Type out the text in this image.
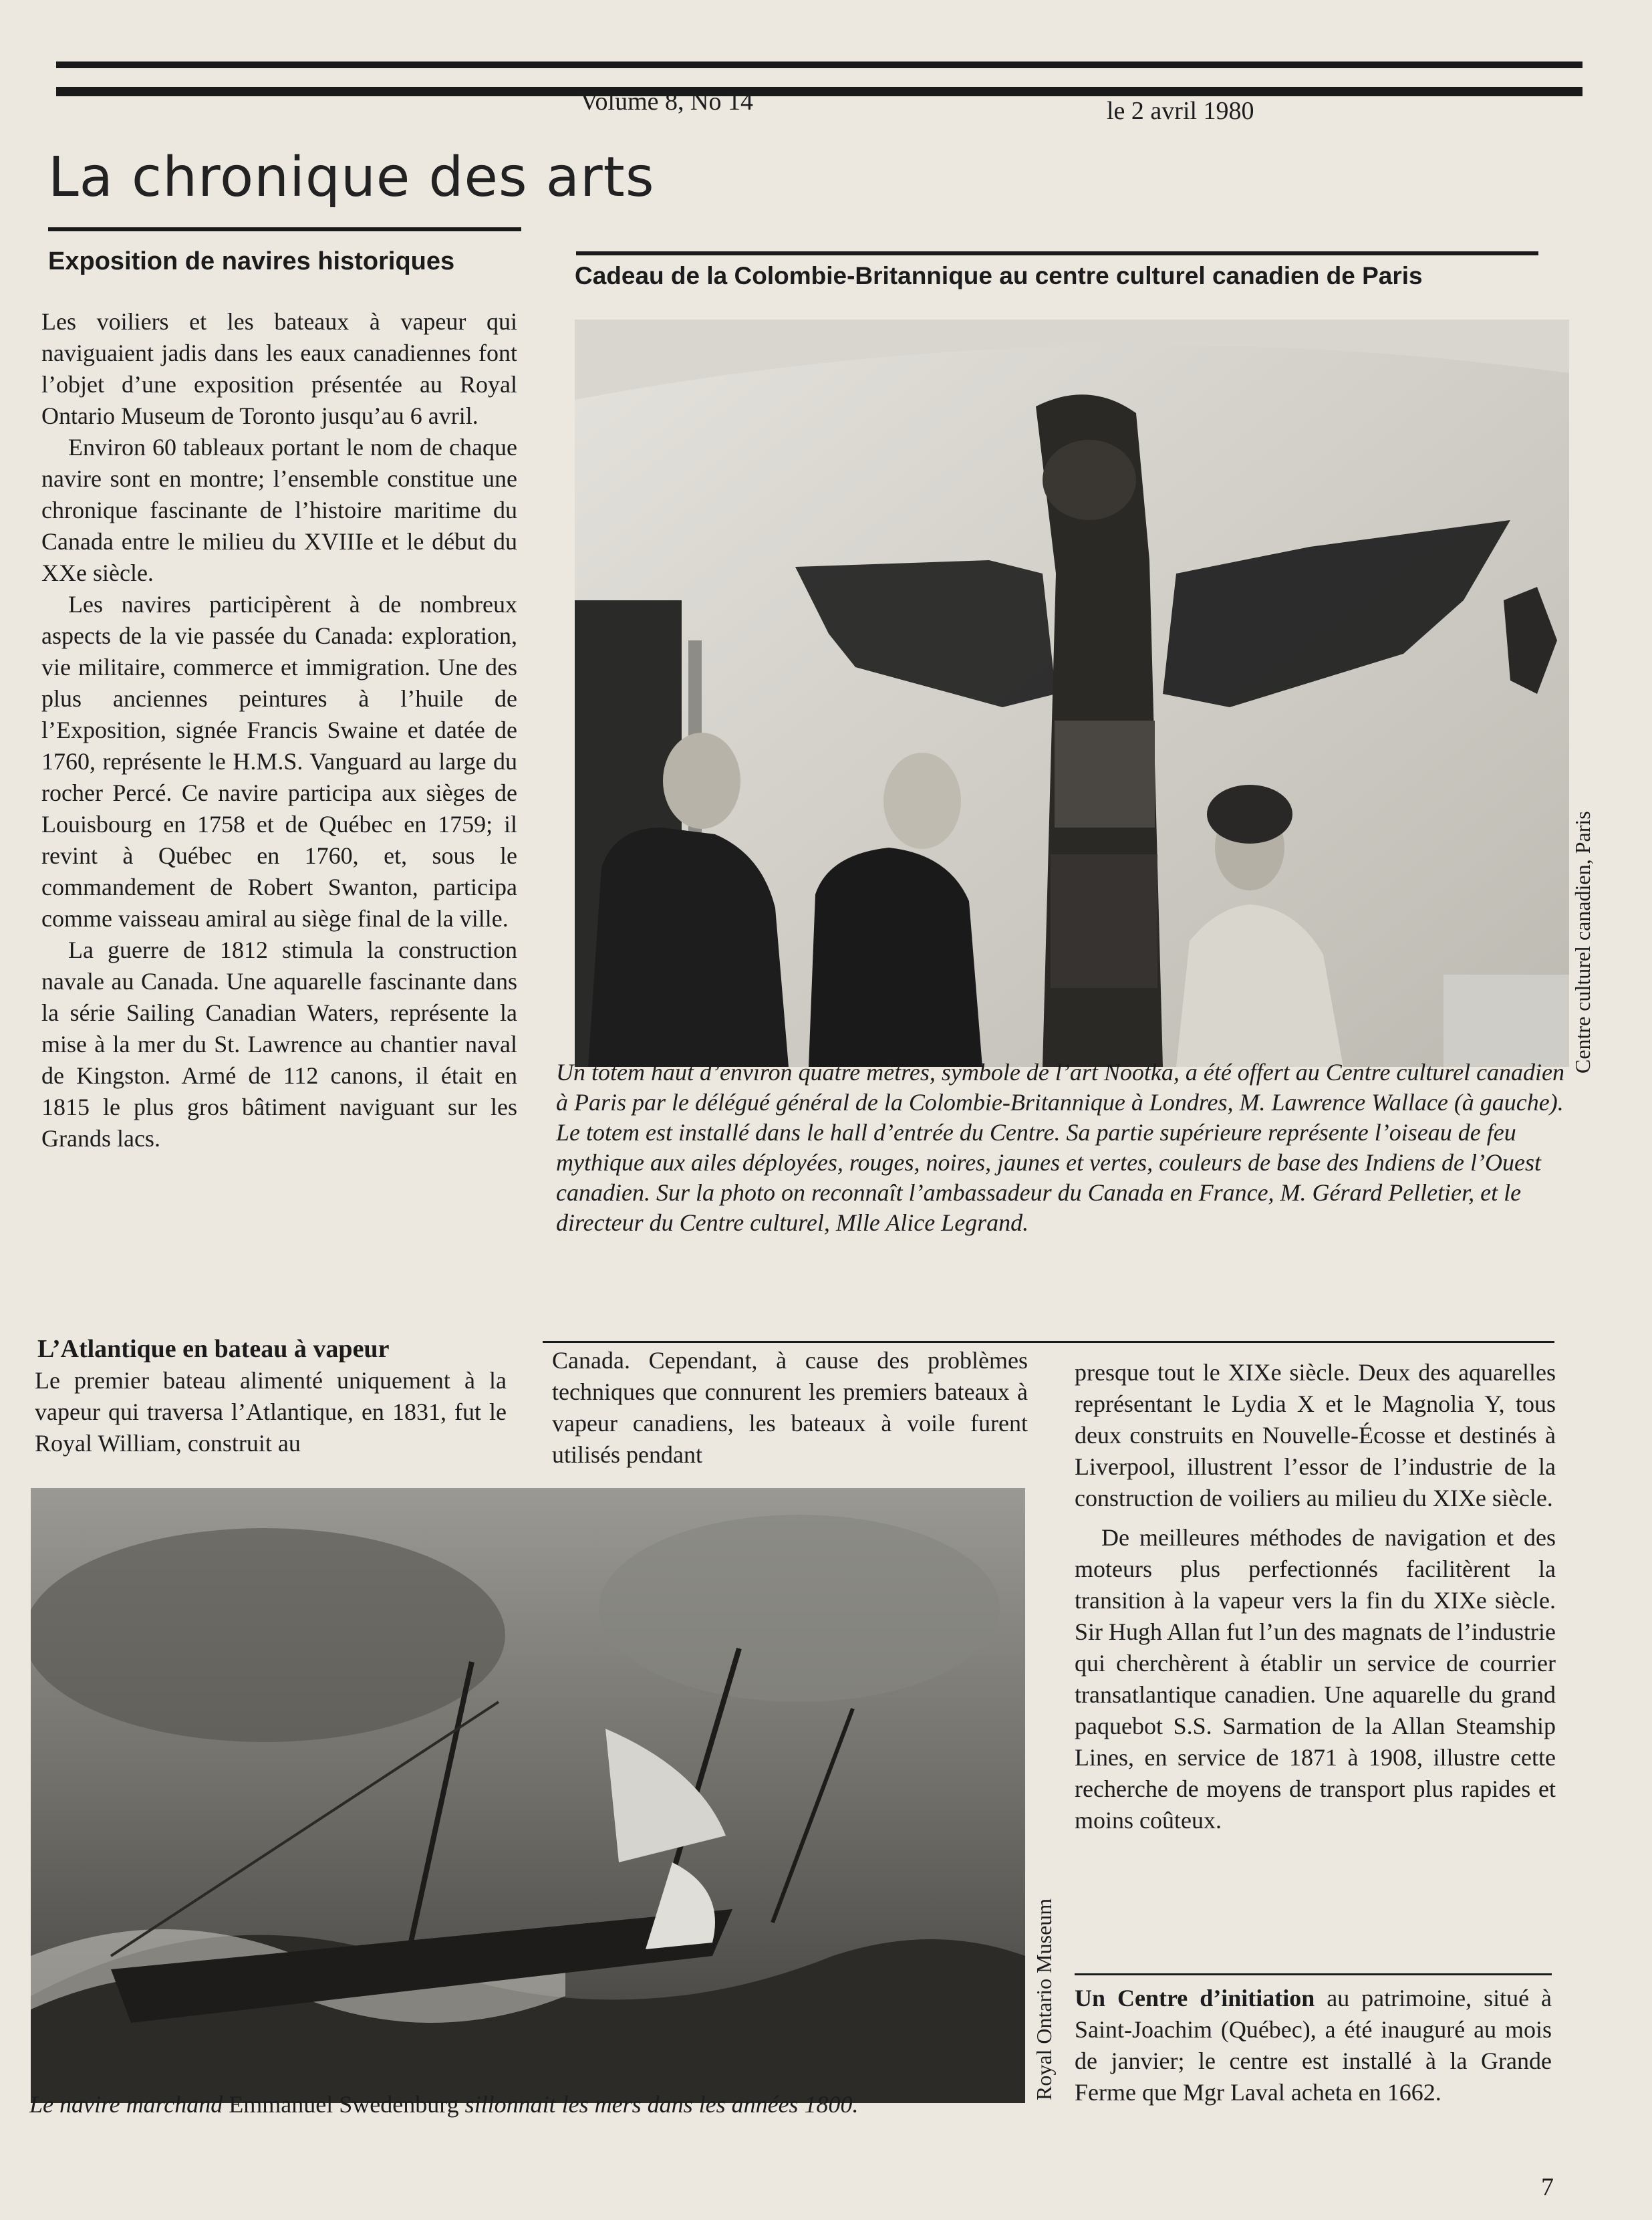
Volume 8, No 14	le 2 avril 1980
La chronique des arts
Exposition de navires historiques

Les voiliers et les bateaux à vapeur qui naviguaient jadis dans les eaux canadiennes font l’objet d’une exposition présentée au Royal Ontario Museum de Toronto jusqu’au 6 avril.

Environ 60 tableaux portant le nom de chaque navire sont en montre; l’ensemble constitue une chronique fascinante de l’histoire maritime du Canada entre le milieu du XVIIIe et le début du XXe siècle.

Les navires participèrent à de nombreux aspects de la vie passée du Canada: exploration, vie militaire, commerce et immigration. Une des plus anciennes peintures à l’huile de l’Exposition, signée Francis Swaine et datée de 1760, représente le H.M.S. Vanguard au large du rocher Percé. Ce navire participa aux sièges de Louisbourg en 1758 et de Québec en 1759; il revint à Québec en 1760, et, sous le commandement de Robert Swanton, participa comme vaisseau amiral au siège final de la ville.

La guerre de 1812 stimula la construction navale au Canada. Une aquarelle fascinante dans la série Sailing Canadian Waters, représente la mise à la mer du St. Lawrence au chantier naval de Kingston. Armé de 112 canons, il était en 1815 le plus gros bâtiment naviguant sur les Grands lacs.

Cadeau de la Colombie-Britannique au centre culturel canadien de Paris
Centre culturel canadien, Paris
Un totem haut d’environ quatre mètres, symbole de l’art Nootka, a été offert au Centre culturel canadien à Paris par le délégué général de la Colombie-Britannique à Londres, M. Lawrence Wallace (à gauche). Le totem est installé dans le hall d’entrée du Centre. Sa partie supérieure représente l’oiseau de feu mythique aux ailes déployées, rouges, noires, jaunes et vertes, couleurs de base des Indiens de l’Ouest canadien. Sur la photo on reconnaît l’ambassadeur du Canada en France, M. Gérard Pelletier, et le directeur du Centre culturel, Mlle Alice Legrand.
L’Atlantique en bateau à vapeur

Le premier bateau alimenté uniquement à la vapeur qui traversa l’Atlantique, en 1831, fut le Royal William, construit au

Canada. Cependant, à cause des problèmes techniques que connurent les premiers bateaux à vapeur canadiens, les bateaux à voile furent utilisés pendant

presque tout le XIXe siècle. Deux des aquarelles représentant le Lydia X et le Magnolia Y, tous deux construits en Nouvelle-Écosse et destinés à Liverpool, illustrent l’essor de l’industrie de la construction de voiliers au milieu du XIXe siècle.

De meilleures méthodes de navigation et des moteurs plus perfectionnés facilitèrent la transition à la vapeur vers la fin du XIXe siècle. Sir Hugh Allan fut l’un des magnats de l’industrie qui cherchèrent à établir un service de courrier transatlantique canadien. Une aquarelle du grand paquebot S.S. Sarmation de la Allan Steamship Lines, en service de 1871 à 1908, illustre cette recherche de moyens de transport plus rapides et moins coûteux.

Royal Ontario Museum
Le navire marchand Emmanuel Swedenburg sillonnait les mers dans les années 1800.

Un Centre d’initiation au patrimoine, situé à Saint-Joachim (Québec), a été inauguré au mois de janvier; le centre est installé à la Grande Ferme que Mgr Laval acheta en 1662.

7
